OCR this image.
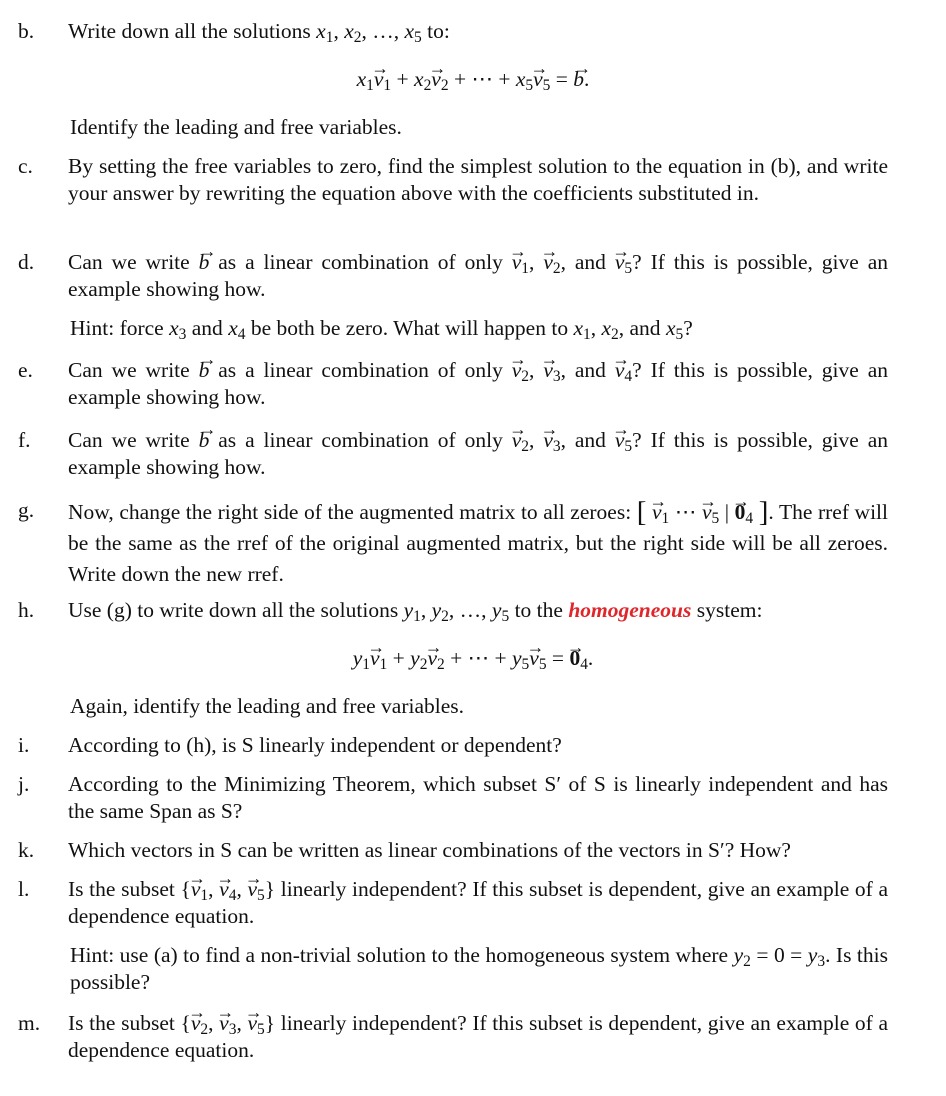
b. Write down all the solutions $x_1$, $x_2$, …, $x_5$ to:
$x_1\to v_1 + x_2\to v_2$ + ⋯ + $x_5\to v_5$ = → b.
Identify the leading and free variables.
c. By setting the free variables to zero, find the simplest solution to the equation in (b), and write your answer by rewriting the equation above with the coefficients substituted in.
d. Can we write → b as a linear combination of only → $v_1$, → $v_2$, and → $v_5$? If this is possible, give an example showing how.
Hint: force $x_3$ and $x_4$ be both be zero. What will happen to $x_1$, $x_2$, and $x_5$?
e. Can we write → b as a linear combination of only → $v_2$, → $v_3$, and → $v_4$? If this is possible, give an example showing how.
f. Can we write → b as a linear combination of only → $v_2$, → $v_3$, and → $v_5$? If this is possible, give an example showing how.
g. Now, change the right side of the augmented matrix to all zeroes: [ → $v_1$ ⋯ → $v_5$ | → $0_4$ ]. The rref will be the same as the rref of the original augmented matrix, but the right side will be all zeroes. Write down the new rref.
h. Use (g) to write down all the solutions $y_1$, $y_2$, …, $y_5$ to the homogeneous system:
$y_1\to v_1 + y_2\to v_2$ + ⋯ + $y_5\to v_5$ = → $0_4$.
Again, identify the leading and free variables.
i. According to (h), is S linearly independent or dependent?
j. According to the Minimizing Theorem, which subset S′ of S is linearly independent and has the same Span as S?
k. Which vectors in S can be written as linear combinations of the vectors in S′? How?
l. Is the subset {→ $v_1$, → $v_4$, → $v_5$} linearly independent? If this subset is dependent, give an example of a dependence equation.
Hint: use (a) to find a non-trivial solution to the homogeneous system where $y_2 = 0 = y_3$. Is this possible?
m. Is the subset {→ $v_2$, → $v_3$, → $v_5$} linearly independent? If this subset is dependent, give an example of a dependence equation.
